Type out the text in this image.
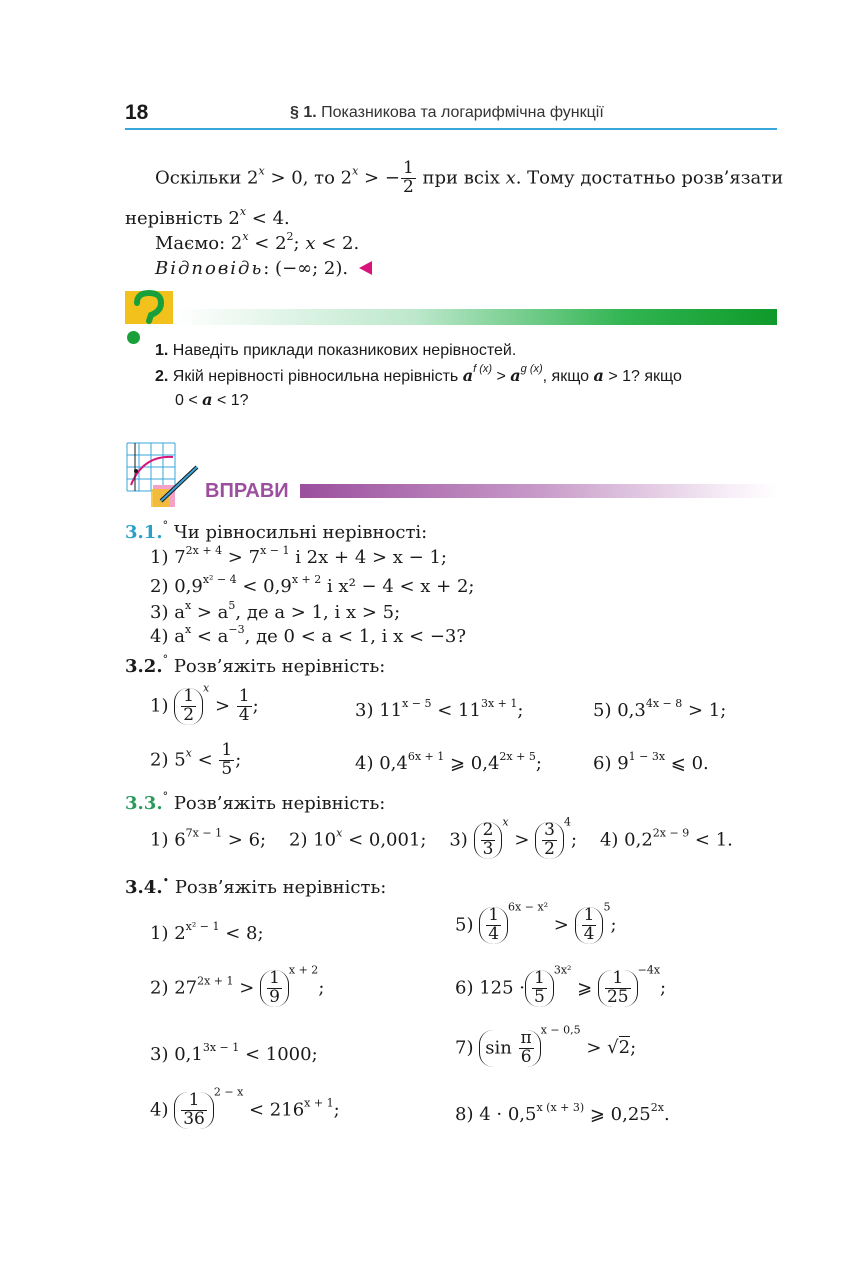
18	§ 1. Показникова та логарифмічна функції
Оскільки $2^x > 0$, то $2^x$ > − $\frac{1}{2}$ при всіх x. Тому достатньо розв’язати
нерівність $2^x < 4$.
Маємо: $2^x < 2^2$; x < 2.
Відповідь: (−∞; 2).
1. Наведіть приклади показникових нерівностей.
2. Якій нерівності рівносильна нерівність $a^{f (x)} > a^{g (x)}$, якщо a > 1? якщо
0 < a < 1?
ВПРАВИ
3.1.° Чи рівносильні нерівності:
1) $7^{2x + 4} > 7^{x - 1}$ і 2x + 4 > x − 1;
2) $0,9^{x^2 - 4} < 0,9^{x + 2}$ і x² − 4 < x + 2;
3) $a^x > a^5$, де a > 1, і x > 5;
4) $a^x < a^{-3}$, де 0 < a < 1, і x < −3?
3.2.° Розв’яжіть нерівність:
$1) \frac{1}{2}$
$^x > \frac{1}{4}$ ;	3) $11^{x - 5} < 11^{3x + 1}$;	5) $0,3^{4x - 8} > 1$;
2) $5^x < \frac{1}{5}$ ;	4) $0,4^{6x + 1}$ ⩾ $0,4^{2x + 5}$;	6) $9^{1 - 3x}$ ⩽ 0.
3.3.° Розв’яжіть нерівність:
1) $6^{7x - 1} > 6$; 2) $10^x < 0,001$; $3) \frac{2}{3}$
$^x > \frac{3}{2}$
$^4$; 4) $0,2^{2x - 9} < 1$.
3.4.• Розв’яжіть нерівність:
1) $2^{x^2 - 1} < 8$;	$5) \frac{1}{4}$
$^{6x - x^2} > \frac{1}{4}$
$^5$;
2) $27^{2x + 1} > \frac{1}{9}$
$^{x + 2}$;	6) $125 \cdot \frac{1}{5}$
$^{3x^2}$ ⩾ $\frac{1}{25}$
$^{-4x}$;
3) $0,1^{3x - 1} < 1000$;	7) $\sin \frac{\pi}{6}$
$^{x - 0,5}$ > √2;
$4) \frac{1}{36}$
$^{2 - x} < 216^{x + 1}$;	8) $4 \cdot 0,5^{x (x + 3)}$ ⩾ $0,25^{2x}$.
